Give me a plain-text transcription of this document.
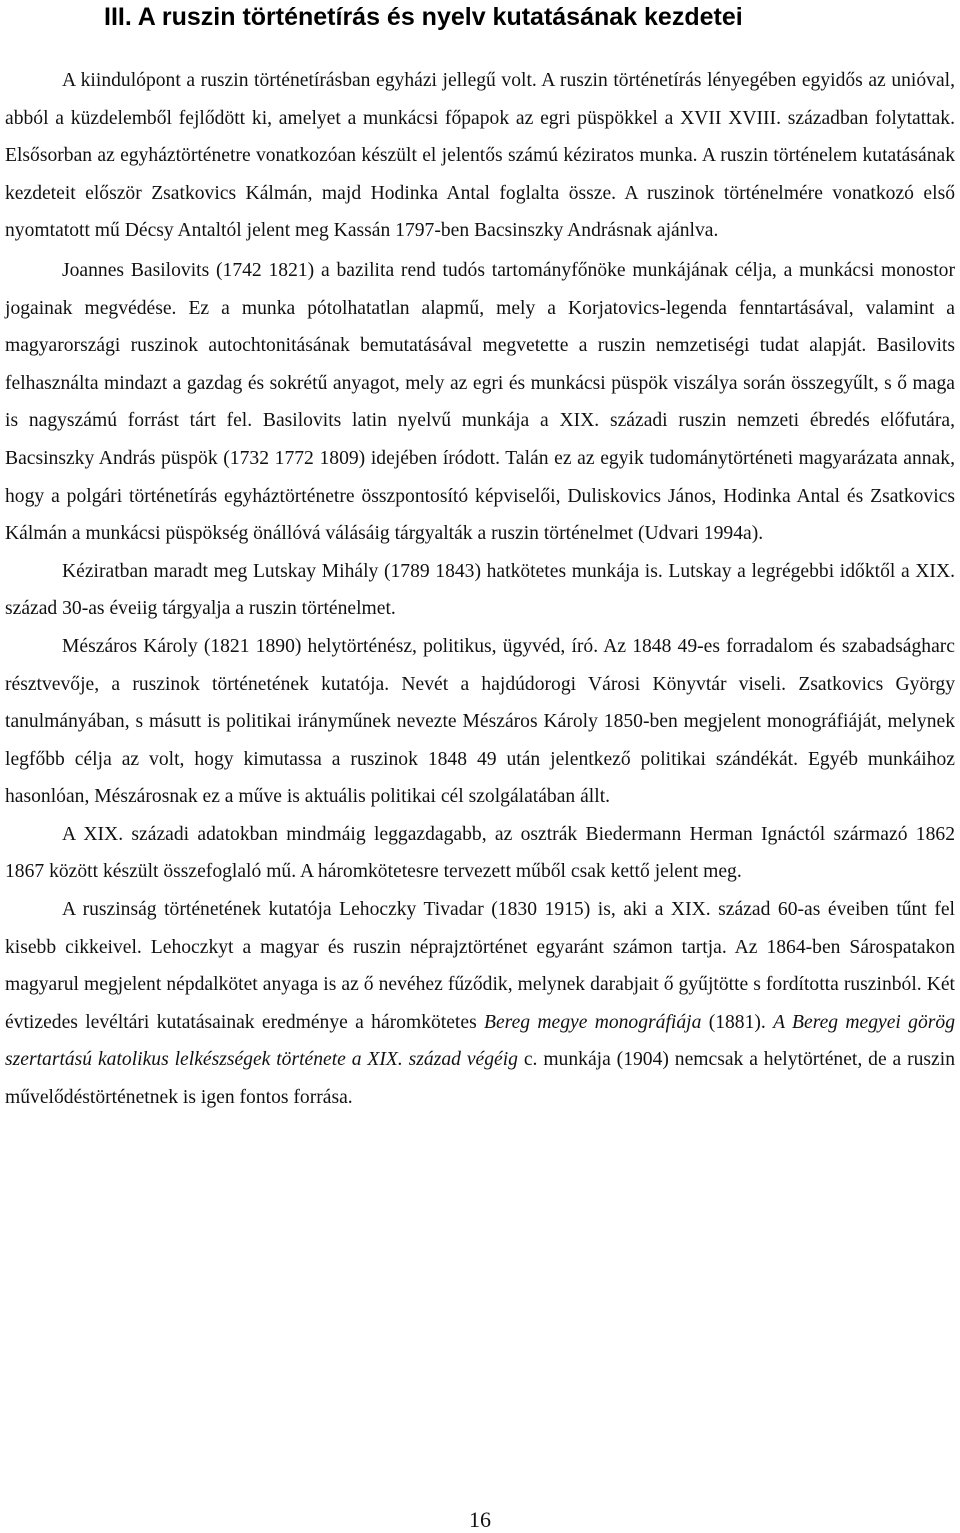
III. A ruszin történetírás és nyelv kutatásának kezdetei

A kiindulópont a ruszin történetírásban egyházi jellegű volt. A ruszin történetírás lényegében egyidős az unióval, abból a küzdelemből fejlődött ki, amelyet a munkácsi főpapok az egri püspökkel a XVII XVIII. században folytattak. Elsősorban az egyháztörténetre vonatkozóan készült el jelentős számú kéziratos munka. A ruszin történelem kutatásának kezdeteit először Zsatkovics Kálmán, majd Hodinka Antal foglalta össze. A ruszinok történelmére vonatkozó első nyomtatott mű Décsy Antaltól jelent meg Kassán 1797-ben Bacsinszky Andrásnak ajánlva.

Joannes Basilovits (1742 1821) a bazilita rend tudós tartományfőnöke munkájának célja, a munkácsi monostor jogainak megvédése. Ez a munka pótolhatatlan alapmű, mely a Korjatovics-legenda fenntartásával, valamint a magyarországi ruszinok autochtonitásának bemutatásával megvetette a ruszin nemzetiségi tudat alapját. Basilovits felhasználta mindazt a gazdag és sokrétű anyagot, mely az egri és munkácsi püspök viszálya során összegyűlt, s ő maga is nagyszámú forrást tárt fel. Basilovits latin nyelvű munkája a XIX. századi ruszin nemzeti ébredés előfutára, Bacsinszky András püspök (1732 1772 1809) idejében íródott. Talán ez az egyik tudománytörténeti magyarázata annak, hogy a polgári történetírás egyháztörténetre összpontosító képviselői, Duliskovics János, Hodinka Antal és Zsatkovics Kálmán a munkácsi püspökség önállóvá válásáig tárgyalták a ruszin történelmet (Udvari 1994a).

Kéziratban maradt meg Lutskay Mihály (1789 1843) hatkötetes munkája is. Lutskay a legrégebbi időktől a XIX. század 30-as éveiig tárgyalja a ruszin történelmet.

Mészáros Károly (1821 1890) helytörténész, politikus, ügyvéd, író. Az 1848 49-es forradalom és szabadságharc résztvevője, a ruszinok történetének kutatója. Nevét a hajdúdorogi Városi Könyvtár viseli. Zsatkovics György tanulmányában, s másutt is politikai irányműnek nevezte Mészáros Károly 1850-ben megjelent monográfiáját, melynek legfőbb célja az volt, hogy kimutassa a ruszinok 1848 49 után jelentkező politikai szándékát. Egyéb munkáihoz hasonlóan, Mészárosnak ez a műve is aktuális politikai cél szolgálatában állt.

A XIX. századi adatokban mindmáig leggazdagabb, az osztrák Biedermann Herman Ignáctól származó 1862 1867 között készült összefoglaló mű. A háromkötetesre tervezett műből csak kettő jelent meg.

A ruszinság történetének kutatója Lehoczky Tivadar (1830 1915) is, aki a XIX. század 60-as éveiben tűnt fel kisebb cikkeivel. Lehoczkyt a magyar és ruszin néprajztörténet egyaránt számon tartja. Az 1864-ben Sárospatakon magyarul megjelent népdalkötet anyaga is az ő nevéhez fűződik, melynek darabjait ő gyűjtötte s fordította ruszinból. Két évtizedes levéltári kutatásainak eredménye a háromkötetes Bereg megye monográfiája (1881). A Bereg megyei görög szertartású katolikus lelkészségek története a XIX. század végéig c. munkája (1904) nemcsak a helytörténet, de a ruszin művelődéstörténetnek is igen fontos forrása.

16
